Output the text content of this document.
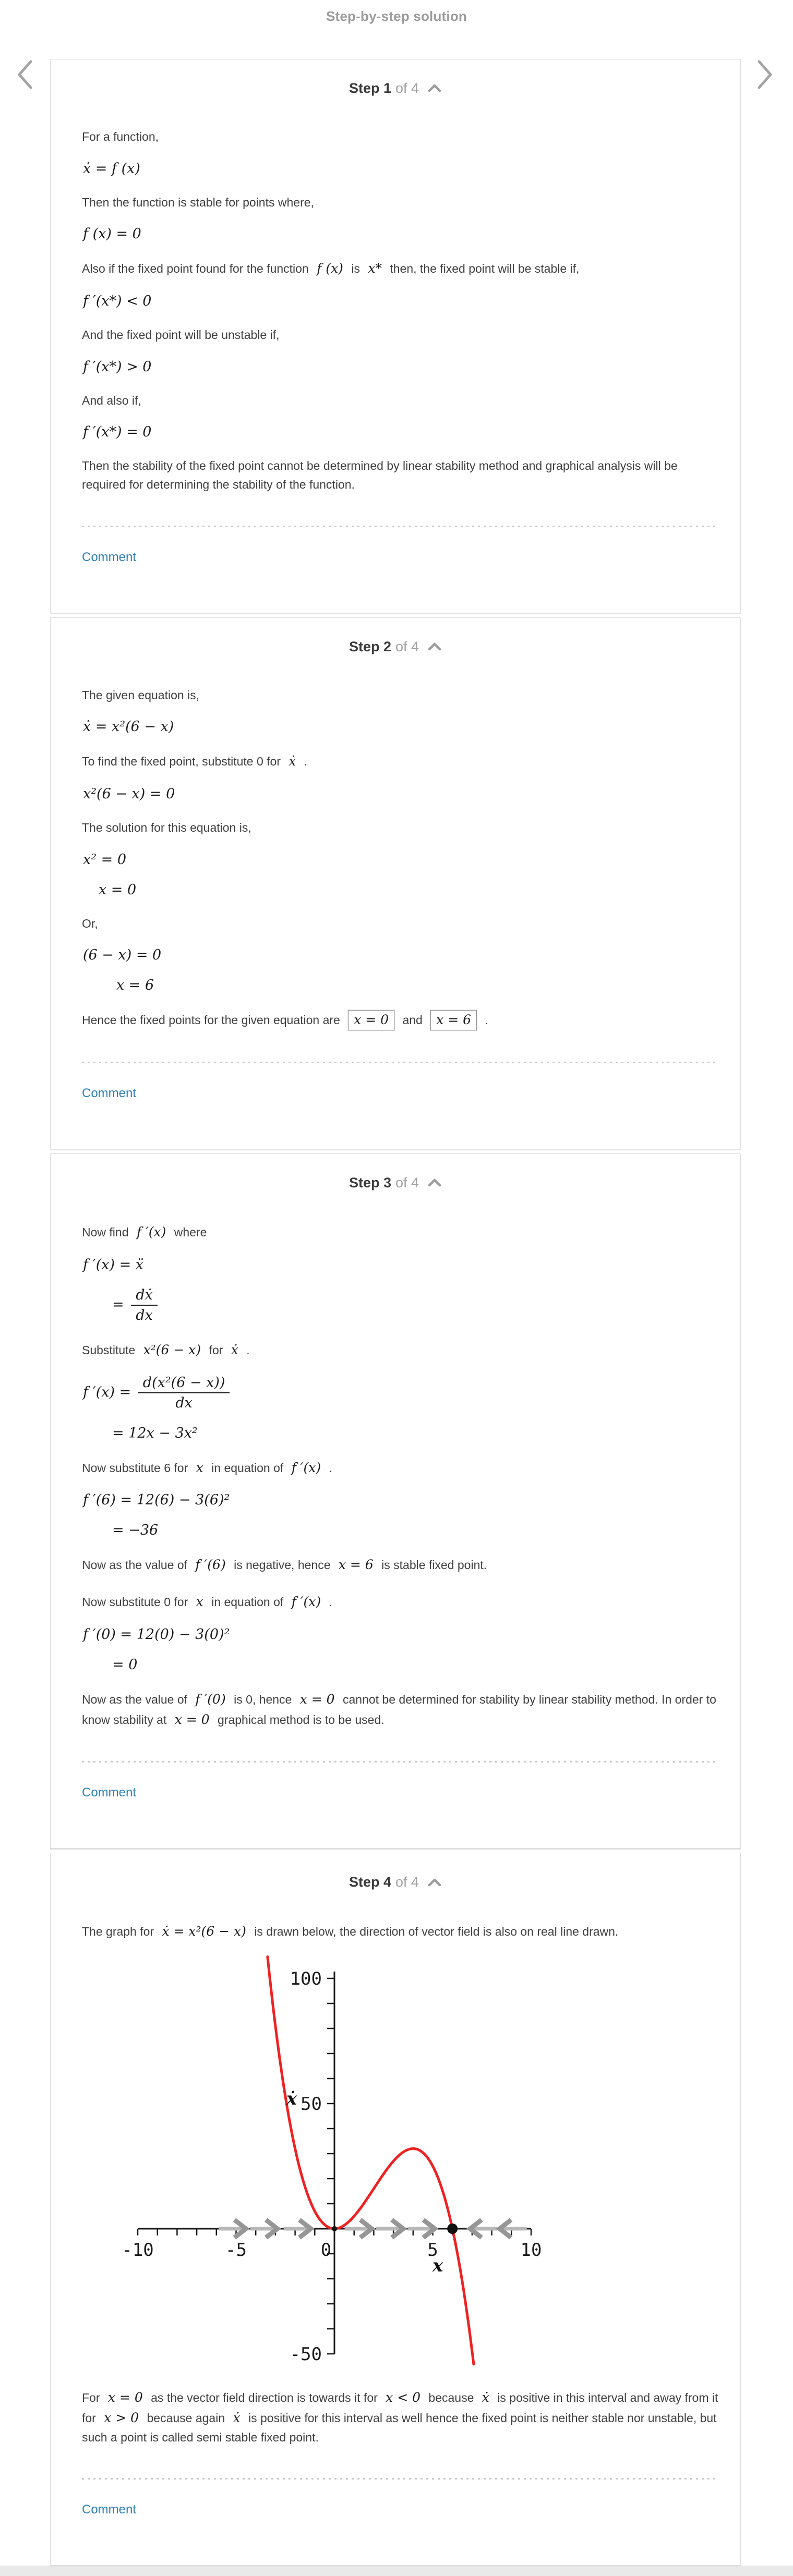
Step-by-step solution
Step 1 of 4
For a function,
ẋ = f (x)
Then the function is stable for points where,
f (x) = 0
Also if the fixed point found for the function f (x) is x* then, the fixed point will be stable if,
f ′(x*) < 0
And the fixed point will be unstable if,
f ′(x*) > 0
And also if,
f ′(x*) = 0
Then the stability of the fixed point cannot be determined by linear stability method and graphical analysis will be required for determining the stability of the function.
Comment
Step 2 of 4
The given equation is,
ẋ = x²(6 − x)
To find the fixed point, substitute 0 for ẋ .
x²(6 − x) = 0
The solution for this equation is,
x² = 0
x = 0
Or,
(6 − x) = 0
x = 6
Hence the fixed points for the given equation are x = 0 and x = 6 .
Comment
Step 3 of 4
Now find f ′(x) where
f ′(x) = ẍ
= $\frac{\text{dẋ}}{dx}$
Substitute x²(6 − x) for ẋ .
f $'(x) = \frac{\text{d(x²(6 − x))}}{dx}$
= 12x − 3x²
Now substitute 6 for x in equation of f ′(x) .
f ′(6) = 12(6) − 3(6)²
= −36
Now as the value of f ′(6) is negative, hence x = 6 is stable fixed point.
Now substitute 0 for x in equation of f ′(x) .
f ′(0) = 12(0) − 3(0)²
= 0
Now as the value of f ′(0) is 0, hence x = 0 cannot be determined for stability by linear stability method. In order to know stability at x = 0 graphical method is to be used.
Comment
Step 4 of 4
The graph for ẋ = x²(6 − x) is drawn below, the direction of vector field is also on real line drawn.
-10	-5	0	5	10
100
50
-50
ẋ
x
For x = 0 as the vector field direction is towards it for x < 0 because ẋ is positive in this interval and away from it for x > 0 because again ẋ is positive for this interval as well hence the fixed point is neither stable nor unstable, but such a point is called semi stable fixed point.
Comment
